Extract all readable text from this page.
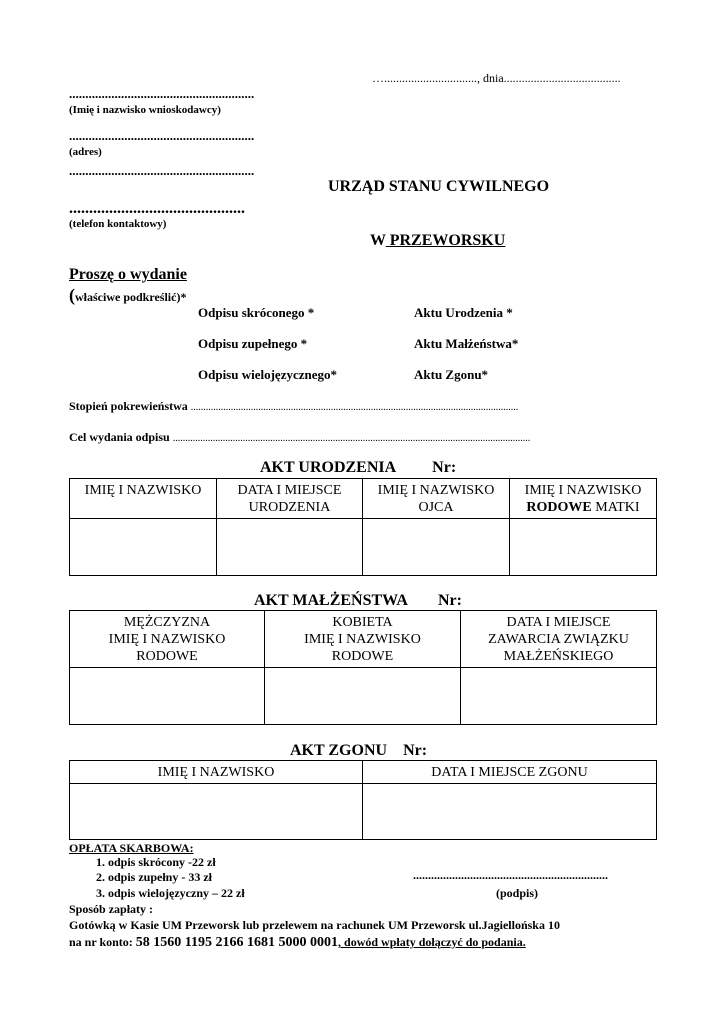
…..............................., dnia.......................................
.........................................................
(Imię i nazwisko wnioskodawcy)
.........................................................
(adres)
.........................................................
URZĄD STANU CYWILNEGO
............................................
(telefon kontaktowy)
W PRZEWORSKU
Proszę o wydanie
(właściwe podkreślić)*
Odpisu skróconego *
Odpisu zupełnego *
Odpisu wielojęzycznego*
Aktu Urodzenia *
Aktu Małżeństwa*
Aktu Zgonu*
Stopień pokrewieństwa ...................................................................................................................................
Cel wydania odpisu ...............................................................................................................................................
AKT URODZENIA Nr:
IMIĘ I NAZWISKO	DATA I MIEJSCE URODZENIA	IMIĘ I NAZWISKO OJCA	IMIĘ I NAZWISKO
RODOWE MATKI

AKT MAŁŻEŃSTWA Nr:
MĘŻCZYZNA
IMIĘ I NAZWISKO
RODOWE	KOBIETA
IMIĘ I NAZWISKO
RODOWE	DATA I MIEJSCE
ZAWARCIA ZWIĄZKU
MAŁŻEŃSKIEGO

AKT ZGONU Nr:
IMIĘ I NAZWISKO	DATA I MIEJSCE ZGONU

OPŁATA SKARBOWA:
1. odpis skrócony -22 zł
2. odpis zupełny - 33 zł
3. odpis wielojęzyczny – 22 zł
.................................................................
(podpis)
Sposób zapłaty :
Gotówką w Kasie UM Przeworsk lub przelewem na rachunek UM Przeworsk ul.Jagiellońska 10
na nr konto: 58 1560 1195 2166 1681 5000 0001, dowód wpłaty dołączyć do podania.
